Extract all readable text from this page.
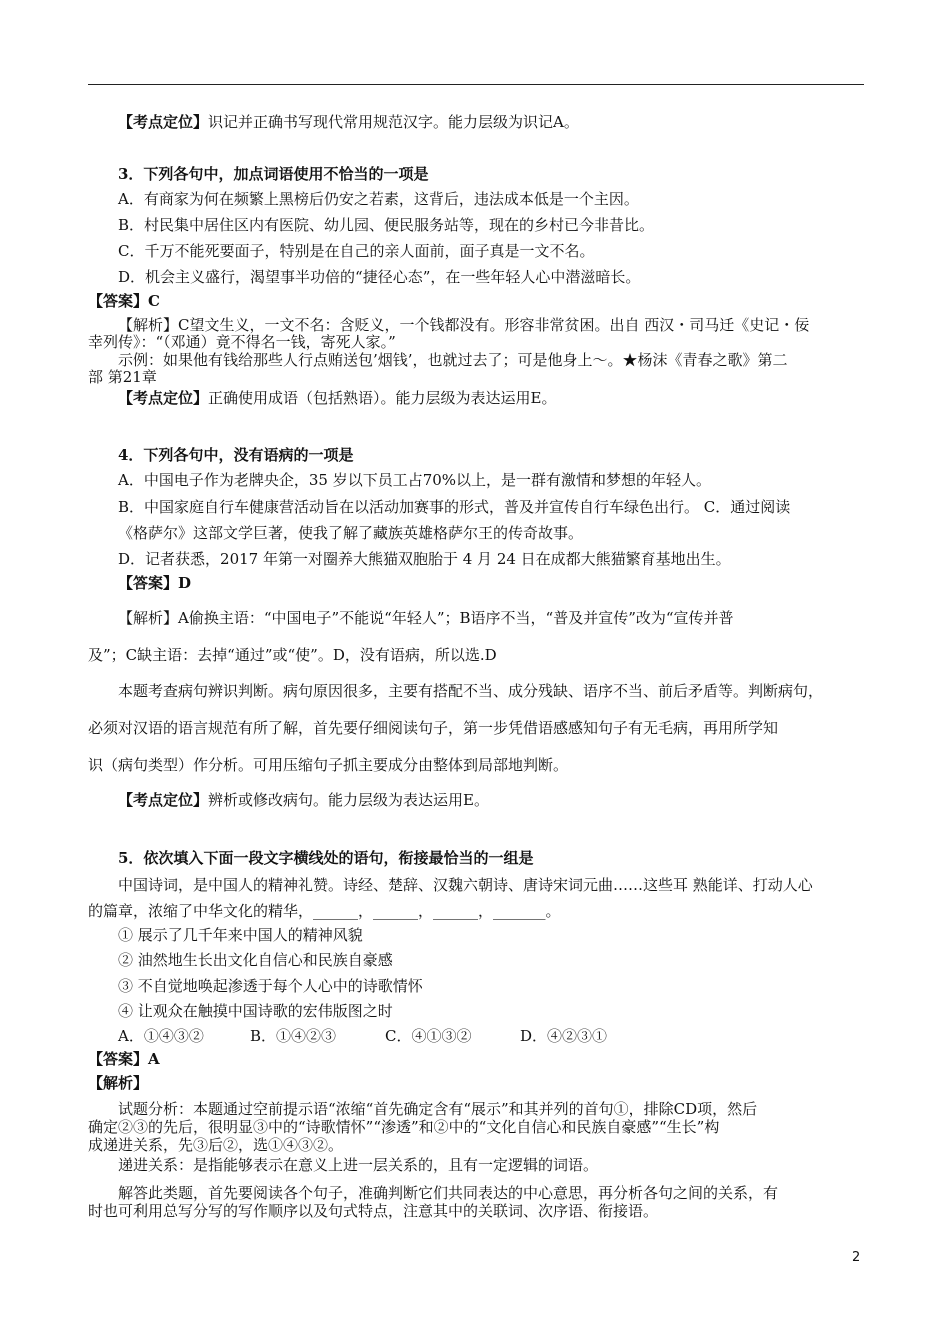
【考点定位】识记并正确书写现代常用规范汉字。能力层级为识记A。
3．下列各句中，加点词语使用不恰当的一项是
A．有商家为何在频繁上黑榜后仍安之若素，这背后，违法成本低是一个主因。
B．村民集中居住区内有医院、幼儿园、便民服务站等，现在的乡村已今非昔比。
C．千万不能死要面子，特别是在自己的亲人面前，面子真是一文不名。
D．机会主义盛行，渴望事半功倍的“捷径心态”，在一些年轻人心中潜滋暗长。
【答案】C
【解析】C望文生义，一文不名：含贬义，一个钱都没有。形容非常贫困。出自 西汉・司马迁《史记・佞
幸列传》：“（邓通）竟不得名一钱，寄死人家。”
示例：如果他有钱给那些人行点贿送包’烟钱’，也就过去了；可是他身上～。★杨沫《青春之歌》第二
部 第21章
【考点定位】正确使用成语（包括熟语）。能力层级为表达运用E。
4．下列各句中，没有语病的一项是
A．中国电子作为老牌央企，35 岁以下员工占70%以上，是一群有激情和梦想的年轻人。
B．中国家庭自行车健康营活动旨在以活动加赛事的形式，普及并宣传自行车绿色出行。 C．通过阅读
《格萨尔》这部文学巨著，使我了解了藏族英雄格萨尔王的传奇故事。
D．记者获悉，2017 年第一对圈养大熊猫双胞胎于 4 月 24 日在成都大熊猫繁育基地出生。
【答案】D
【解析】A偷换主语：“中国电子”不能说“年轻人”；B语序不当，“普及并宣传”改为“宣传并普
及”；C缺主语：去掉“通过”或“使”。D，没有语病，所以选.D
本题考查病句辨识判断。病句原因很多，主要有搭配不当、成分残缺、语序不当、前后矛盾等。判断病句，
必须对汉语的语言规范有所了解，首先要仔细阅读句子，第一步凭借语感感知句子有无毛病，再用所学知
识（病句类型）作分析。可用压缩句子抓主要成分由整体到局部地判断。
【考点定位】辨析或修改病句。能力层级为表达运用E。
5．依次填入下面一段文字横线处的语句，衔接最恰当的一组是
中国诗词，是中国人的精神礼赞。诗经、楚辞、汉魏六朝诗、唐诗宋词元曲……这些耳 熟能详、打动人心
的篇章，浓缩了中华文化的精华，______，______，______，_______。
① 展示了几千年来中国人的精神风貌
② 油然地生长出文化自信心和民族自豪感
③ 不自觉地唤起渗透于每个人心中的诗歌情怀
④ 让观众在触摸中国诗歌的宏伟版图之时
A．①④③②	B．①④②③	C．④①③②	D．④②③①
【答案】A
【解析】
试题分析：本题通过空前提示语“浓缩“首先确定含有“展示”和其并列的首句①，排除CD项，然后
确定②③的先后，很明显③中的“诗歌情怀”“渗透”和②中的“文化自信心和民族自豪感”“生长”构
成递进关系，先③后②，选①④③②。
递进关系：是指能够表示在意义上进一层关系的，且有一定逻辑的词语。
解答此类题，首先要阅读各个句子，准确判断它们共同表达的中心意思，再分析各句之间的关系，有
时也可利用总写分写的写作顺序以及句式特点，注意其中的关联词、次序语、衔接语。
2
